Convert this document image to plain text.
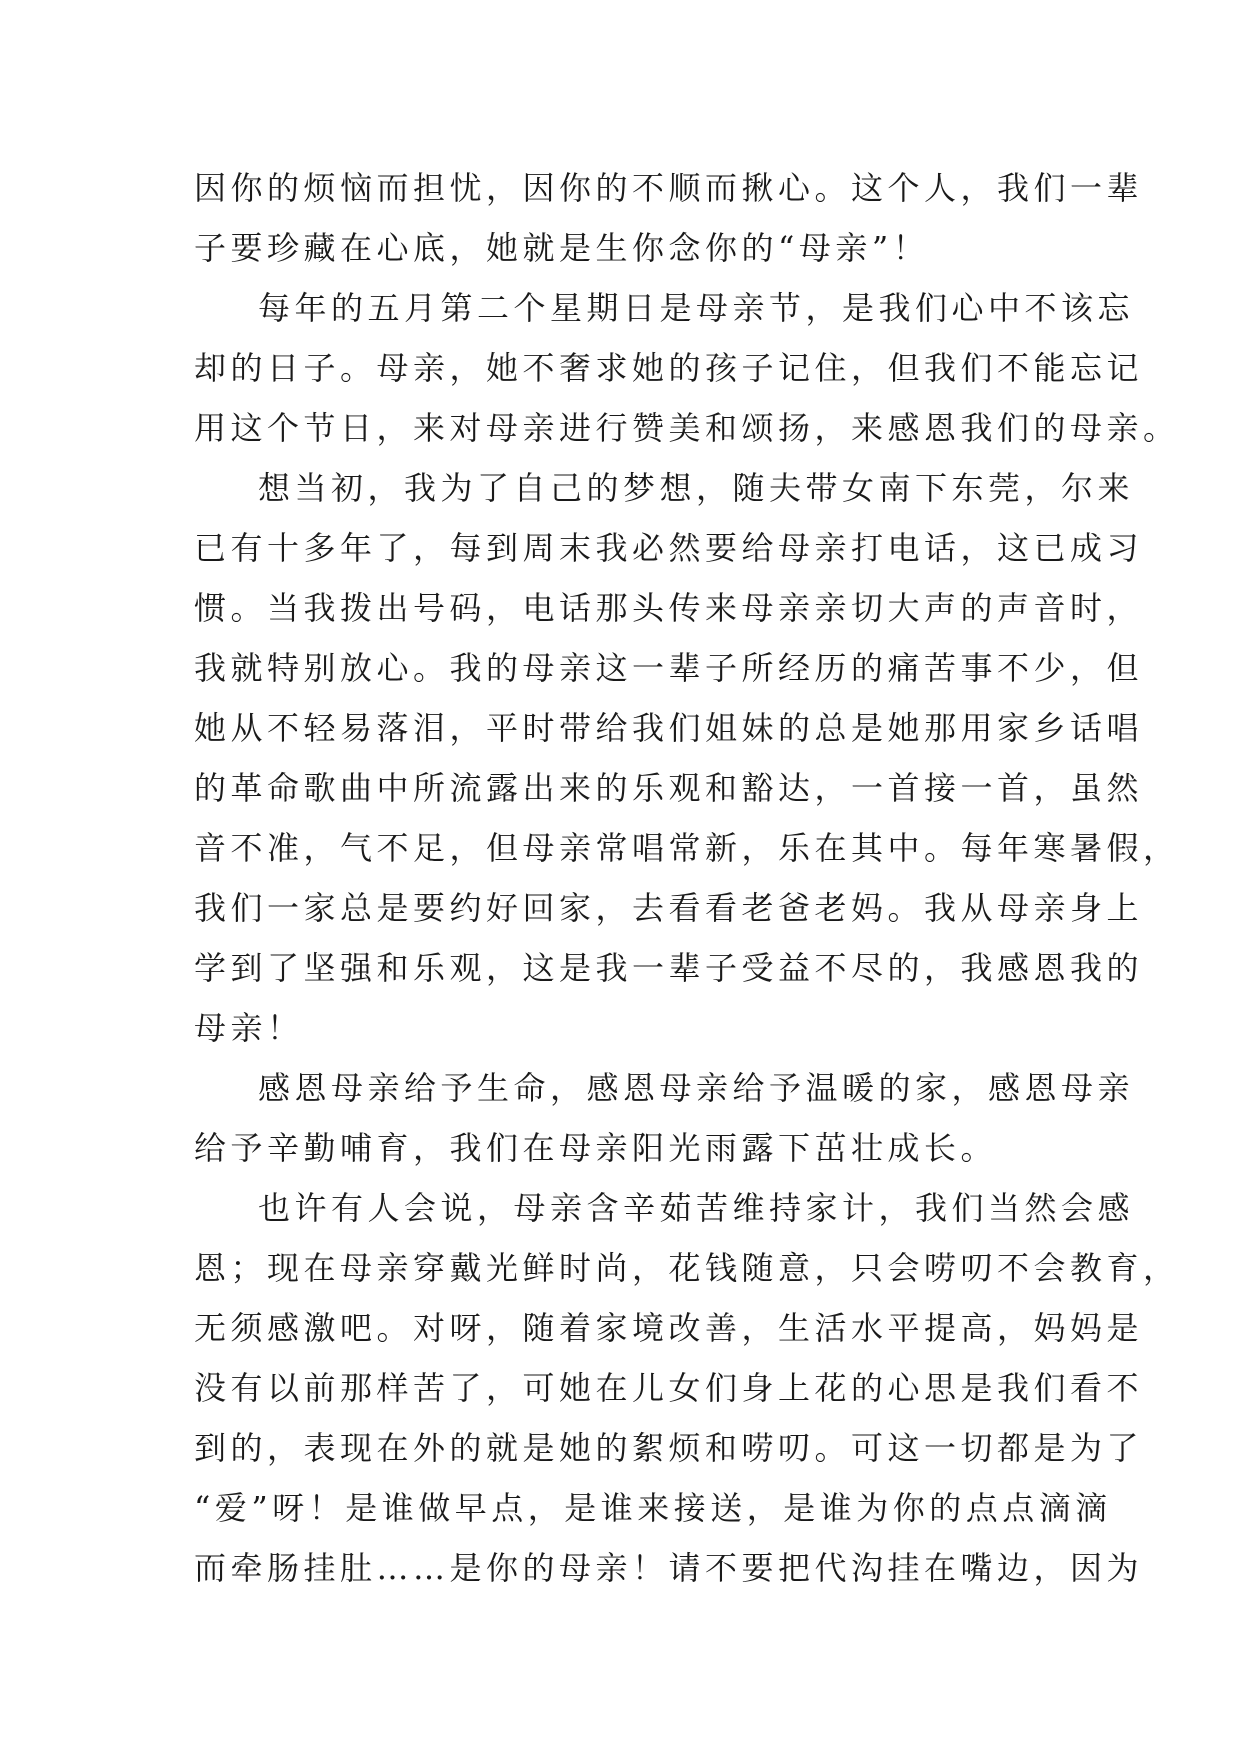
因你的烦恼而担忧，因你的不顺而揪心。这个人，我们一辈
子要珍藏在心底，她就是生你念你的“母亲”！
每年的五月第二个星期日是母亲节，是我们心中不该忘
却的日子。母亲，她不奢求她的孩子记住，但我们不能忘记
用这个节日，来对母亲进行赞美和颂扬，来感恩我们的母亲。
想当初，我为了自己的梦想，随夫带女南下东莞，尔来
已有十多年了，每到周末我必然要给母亲打电话，这已成习
惯。当我拨出号码，电话那头传来母亲亲切大声的声音时，
我就特别放心。我的母亲这一辈子所经历的痛苦事不少，但
她从不轻易落泪，平时带给我们姐妹的总是她那用家乡话唱
的革命歌曲中所流露出来的乐观和豁达，一首接一首，虽然
音不准，气不足，但母亲常唱常新，乐在其中。每年寒暑假，
我们一家总是要约好回家，去看看老爸老妈。我从母亲身上
学到了坚强和乐观，这是我一辈子受益不尽的，我感恩我的
母亲！
感恩母亲给予生命，感恩母亲给予温暖的家，感恩母亲
给予辛勤哺育，我们在母亲阳光雨露下茁壮成长。
也许有人会说，母亲含辛茹苦维持家计，我们当然会感
恩；现在母亲穿戴光鲜时尚，花钱随意，只会唠叨不会教育，
无须感激吧。对呀，随着家境改善，生活水平提高，妈妈是
没有以前那样苦了，可她在儿女们身上花的心思是我们看不
到的，表现在外的就是她的絮烦和唠叨。可这一切都是为了
“爱”呀！是谁做早点，是谁来接送，是谁为你的点点滴滴
而牵肠挂肚……是你的母亲！请不要把代沟挂在嘴边，因为
